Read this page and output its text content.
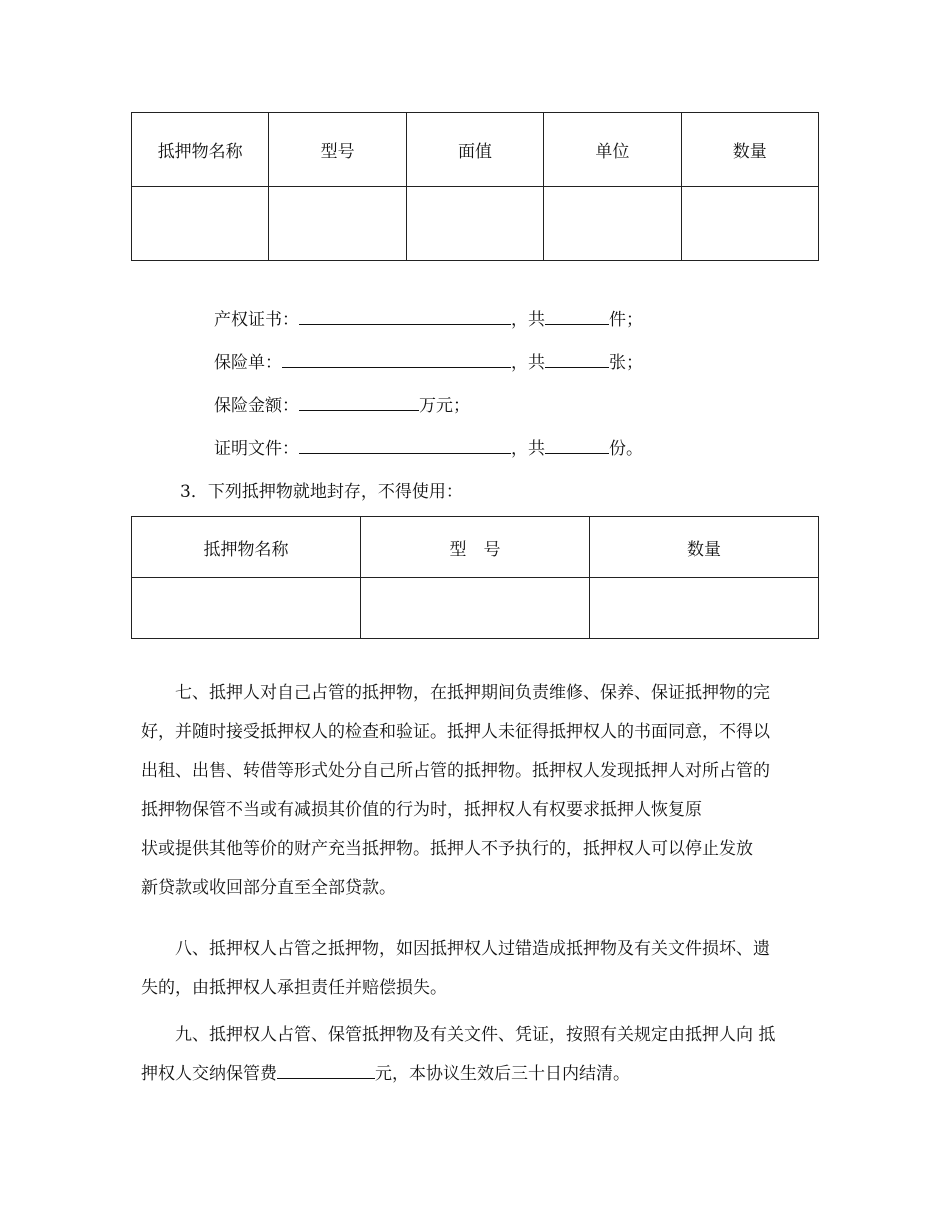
抵押物名称	型号	面值	单位	数量

产权证书：	，共	件；
保险单：	，共	张；
保险金额：	万元；
证明文件：	，共	份。
3．下列抵押物就地封存，不得使用：
抵押物名称	型　号	数量

七、抵押人对自己占管的抵押物，在抵押期间负责维修、保养、保证抵押物的完
好，并随时接受抵押权人的检查和验证。抵押人未征得抵押权人的书面同意，不得以
出租、出售、转借等形式处分自己所占管的抵押物。抵押权人发现抵押人对所占管的
抵押物保管不当或有减损其价值的行为时，抵押权人有权要求抵押人恢复原
状或提供其他等价的财产充当抵押物。抵押人不予执行的，抵押权人可以停止发放
新贷款或收回部分直至全部贷款。
八、抵押权人占管之抵押物，如因抵押权人过错造成抵押物及有关文件损坏、遗
失的，由抵押权人承担责任并赔偿损失。
九、抵押权人占管、保管抵押物及有关文件、凭证，按照有关规定由抵押人向 抵
押权人交纳保管费	元，本协议生效后三十日内结清。
